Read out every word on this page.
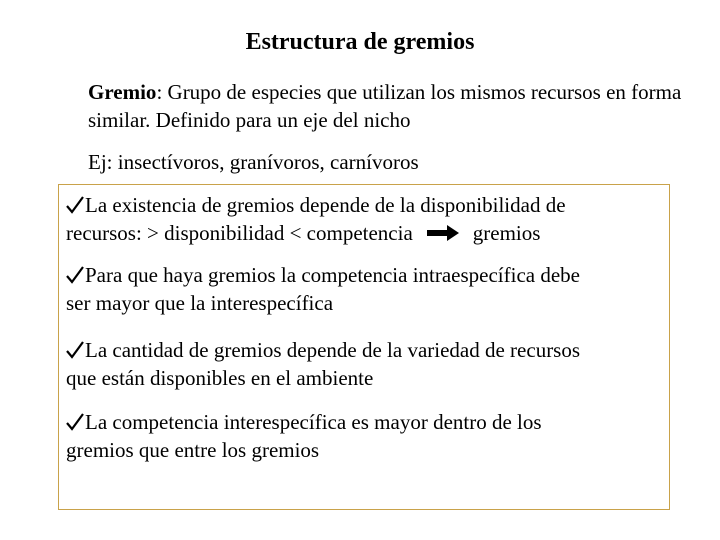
Estructura de gremios
Gremio: Grupo de especies que utilizan los mismos recursos en forma similar. Definido para un eje del nicho
Ej: insectívoros, granívoros, carnívoros
La existencia de gremios depende de la disponibilidad de
recursos: > disponibilidad < competencia	gremios
Para que haya gremios la competencia intraespecífica debe
ser mayor que la interespecífica
La cantidad de gremios depende de la variedad de recursos
que están disponibles en el ambiente
La competencia interespecífica es mayor dentro de los
gremios que entre los gremios
